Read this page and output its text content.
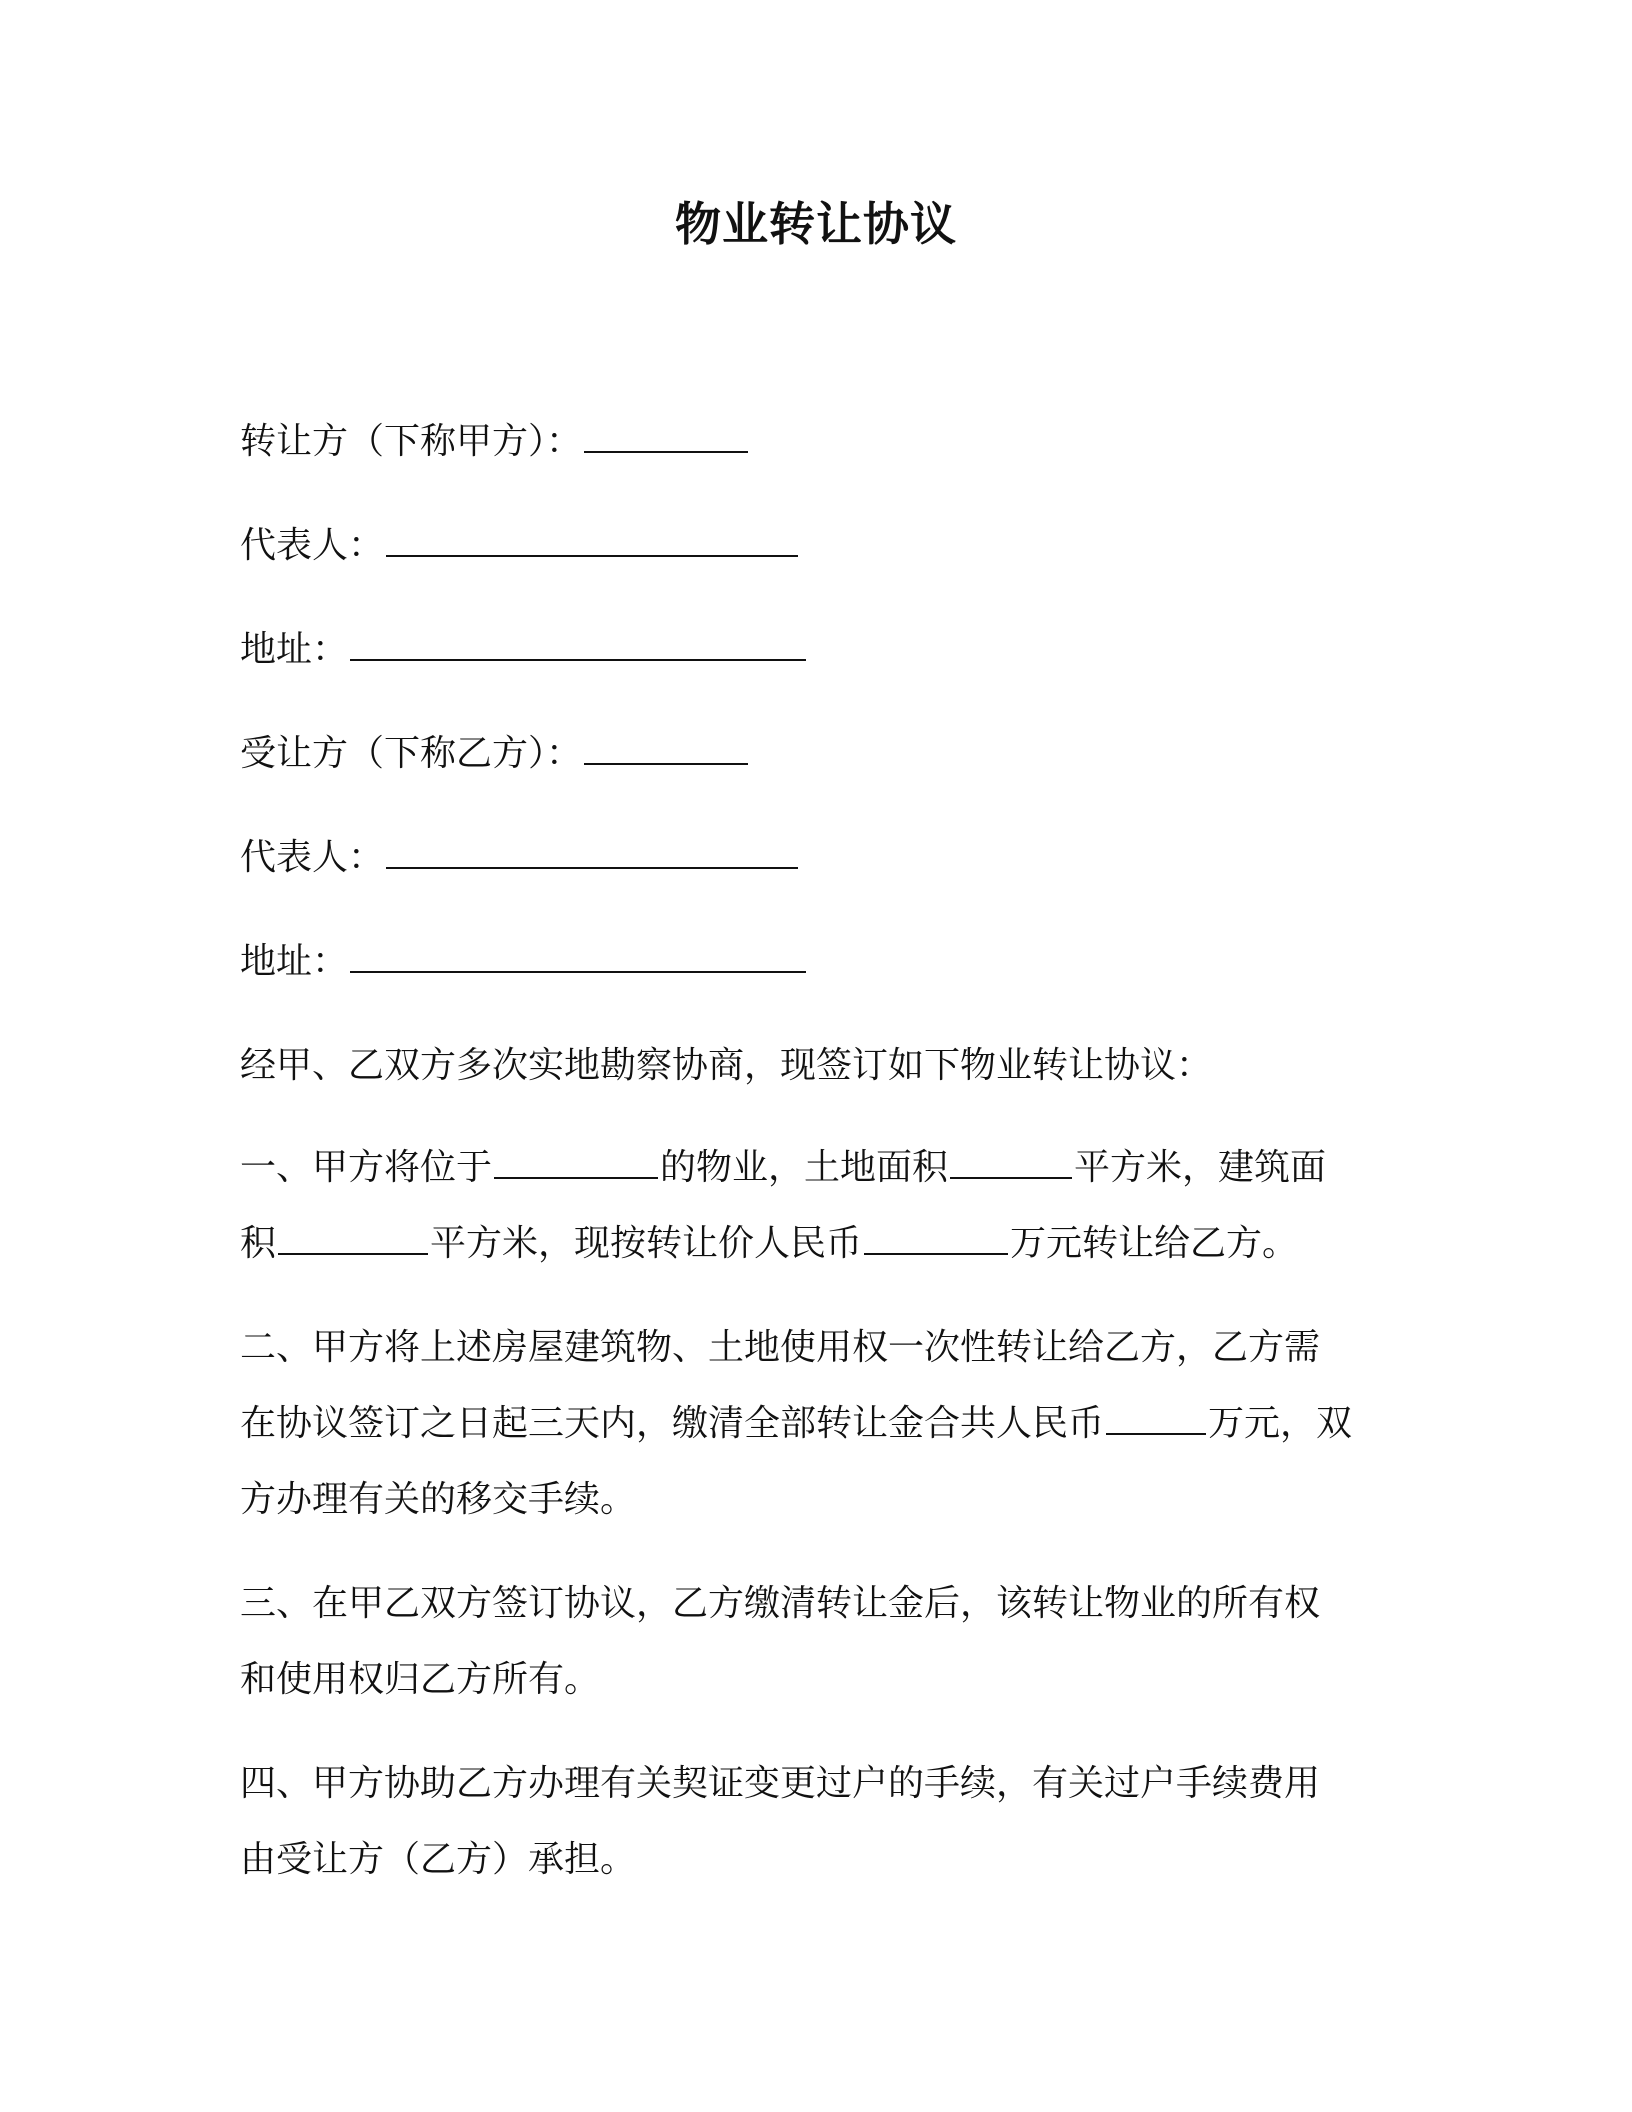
物业转让协议
转让方（下称甲方）：
代表人：
地址：
受让方（下称乙方）：
代表人：
地址：
经甲、乙双方多次实地勘察协商，现签订如下物业转让协议：
一、甲方将位于	的物业，土地面积	平方米，建筑面
积	平方米，现按转让价人民币	万元转让给乙方。
二、甲方将上述房屋建筑物、土地使用权一次性转让给乙方，乙方需
在协议签订之日起三天内，缴清全部转让金合共人民币	万元，双
方办理有关的移交手续。
三、在甲乙双方签订协议，乙方缴清转让金后，该转让物业的所有权
和使用权归乙方所有。
四、甲方协助乙方办理有关契证变更过户的手续，有关过户手续费用
由受让方（乙方）承担。
